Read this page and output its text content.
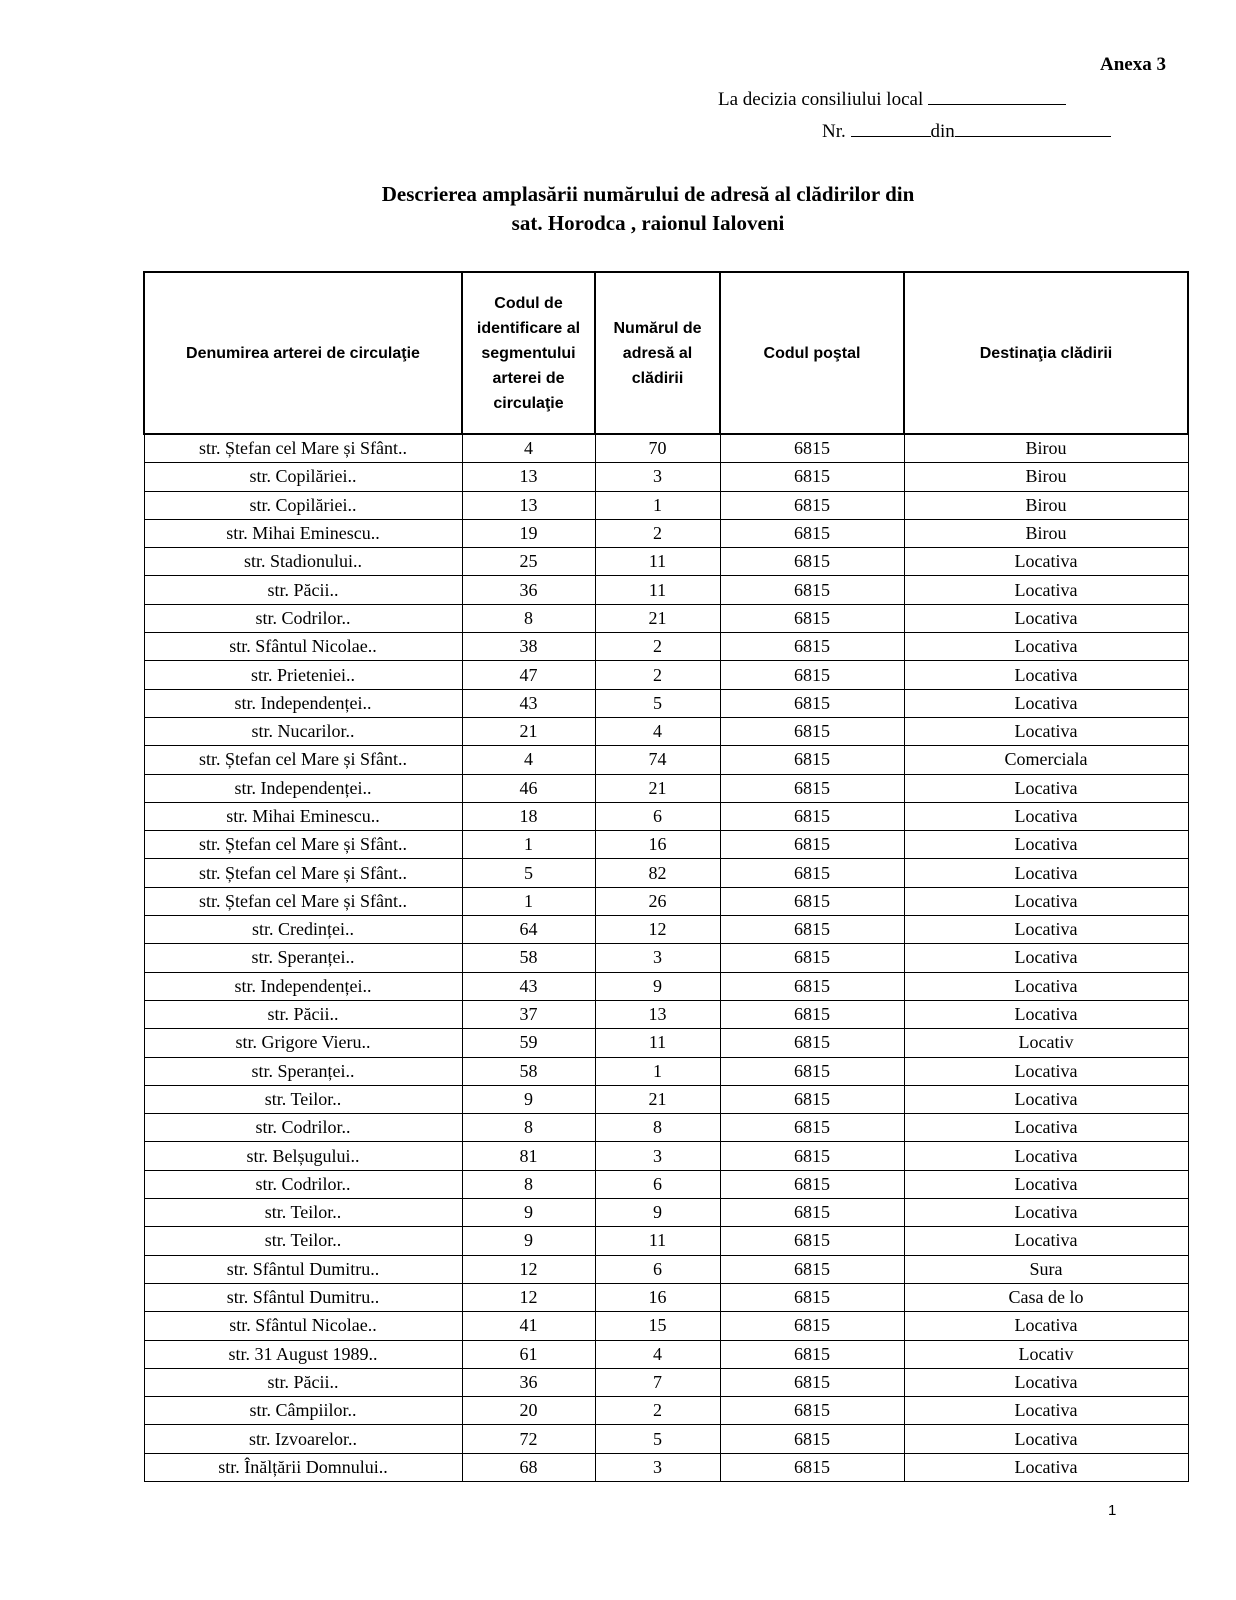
Anexa 3
La decizia consiliului local
Nr.	din
Descrierea amplasării numărului de adresă al clădirilor din
sat. Horodca , raionul Ialoveni
Denumirea arterei de circulaţie	Codul de identificare al segmentului arterei de circulaţie	Numărul de adresă al clădirii	Codul poştal	Destinaţia clădirii
str. Ștefan cel Mare și Sfânt..	4	70	6815	Birou
str. Copilăriei..	13	3	6815	Birou
str. Copilăriei..	13	1	6815	Birou
str. Mihai Eminescu..	19	2	6815	Birou
str. Stadionului..	25	11	6815	Locativa
str. Păcii..	36	11	6815	Locativa
str. Codrilor..	8	21	6815	Locativa
str. Sfântul Nicolae..	38	2	6815	Locativa
str. Prieteniei..	47	2	6815	Locativa
str. Independenței..	43	5	6815	Locativa
str. Nucarilor..	21	4	6815	Locativa
str. Ștefan cel Mare și Sfânt..	4	74	6815	Comerciala
str. Independenței..	46	21	6815	Locativa
str. Mihai Eminescu..	18	6	6815	Locativa
str. Ștefan cel Mare și Sfânt..	1	16	6815	Locativa
str. Ștefan cel Mare și Sfânt..	5	82	6815	Locativa
str. Ștefan cel Mare și Sfânt..	1	26	6815	Locativa
str. Credinței..	64	12	6815	Locativa
str. Speranței..	58	3	6815	Locativa
str. Independenței..	43	9	6815	Locativa
str. Păcii..	37	13	6815	Locativa
str. Grigore Vieru..	59	11	6815	Locativ
str. Speranței..	58	1	6815	Locativa
str. Teilor..	9	21	6815	Locativa
str. Codrilor..	8	8	6815	Locativa
str. Belșugului..	81	3	6815	Locativa
str. Codrilor..	8	6	6815	Locativa
str. Teilor..	9	9	6815	Locativa
str. Teilor..	9	11	6815	Locativa
str. Sfântul Dumitru..	12	6	6815	Sura
str. Sfântul Dumitru..	12	16	6815	Casa de lo
str. Sfântul Nicolae..	41	15	6815	Locativa
str. 31 August 1989..	61	4	6815	Locativ
str. Păcii..	36	7	6815	Locativa
str. Câmpiilor..	20	2	6815	Locativa
str. Izvoarelor..	72	5	6815	Locativa
str. Înălțării Domnului..	68	3	6815	Locativa
1
